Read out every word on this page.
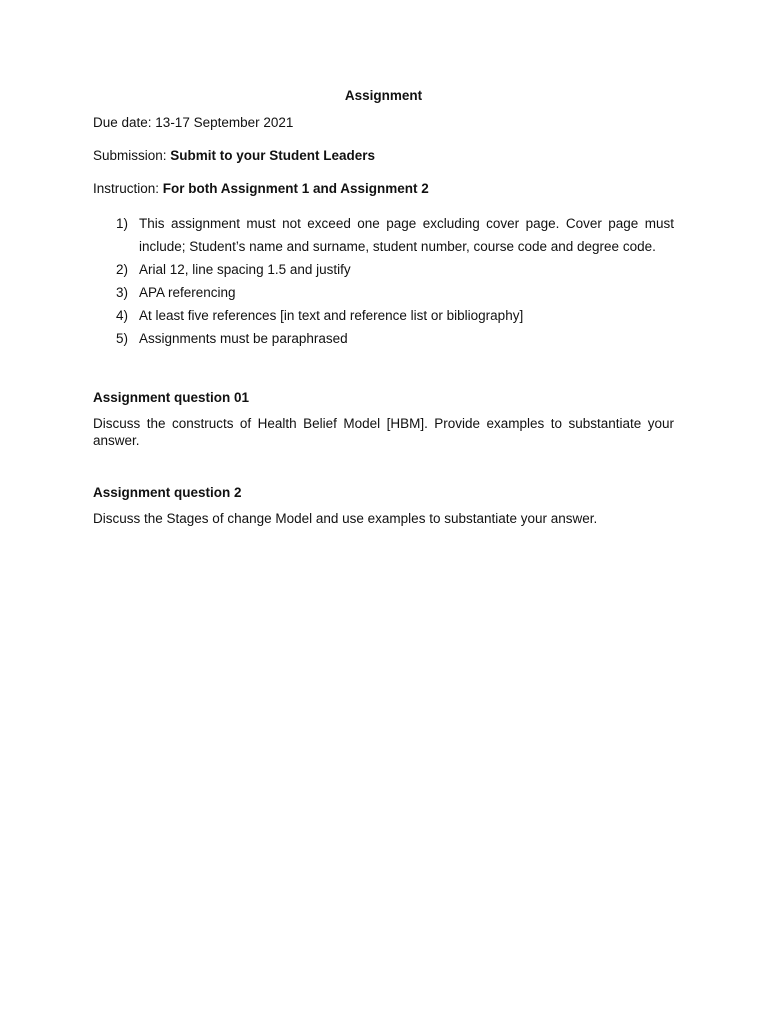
Assignment

Due date: 13-17 September 2021

Submission: Submit to your Student Leaders

Instruction: For both Assignment 1 and Assignment 2

1) This assignment must not exceed one page excluding cover page. Cover page must include; Student’s name and surname, student number, course code and degree code.
2) Arial 12, line spacing 1.5 and justify
3) APA referencing
4) At least five references [in text and reference list or bibliography]
5) Assignments must be paraphrased

Assignment question 01

Discuss the constructs of Health Belief Model [HBM]. Provide examples to substantiate your answer.

Assignment question 2

Discuss the Stages of change Model and use examples to substantiate your answer.
